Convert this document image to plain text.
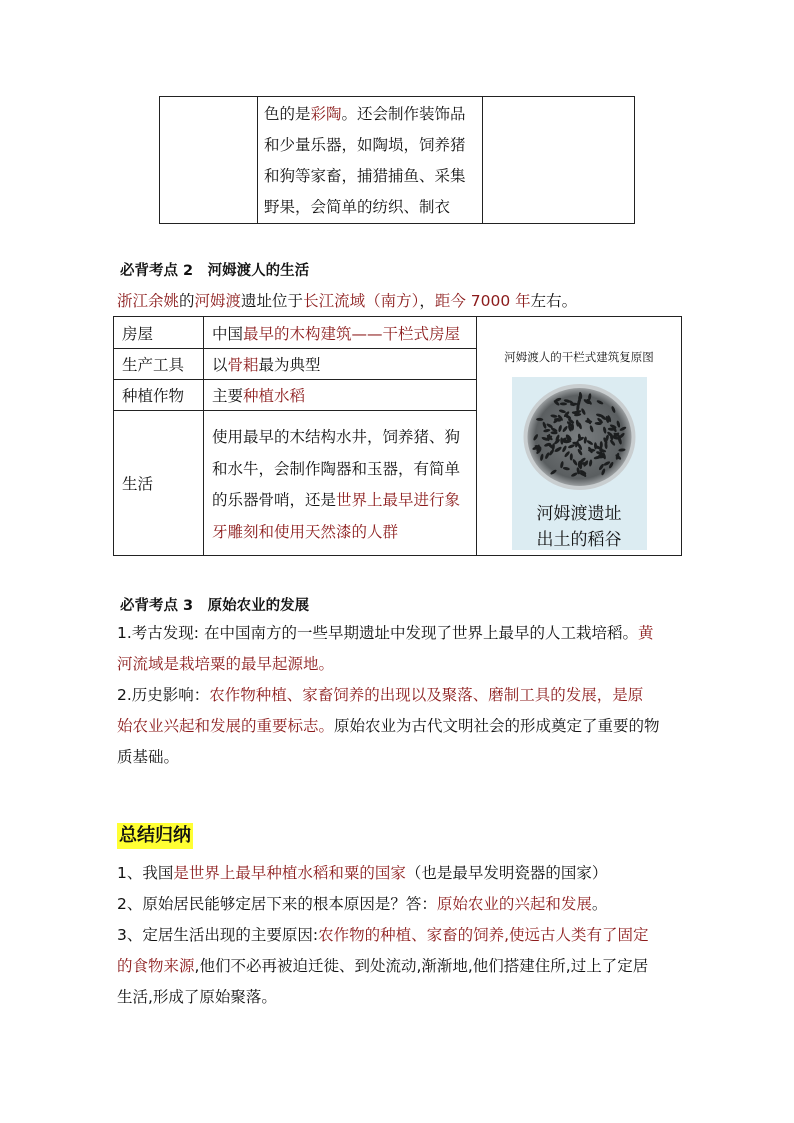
色的是彩陶。还会制作装饰品
和少量乐器，如陶埙，饲养猪
和狗等家畜，捕猎捕鱼、采集
野果，会简单的纺织、制衣

必背考点 2　河姆渡人的生活
浙江余姚的河姆渡遗址位于长江流域（南方），距今 7000 年左右。
房屋	中国最早的木构建筑——干栏式房屋	河姆渡人的干栏式建筑复原图
河姆渡遗址
出土的稻谷

生产工具	以骨耜最为典型	
种植作物	主要种植水稻	
生活	使用最早的木结构水井，饲养猪、狗
和水牛，会制作陶器和玉器，有简单
的乐器骨哨，还是世界上最早进行象
牙雕刻和使用天然漆的人群	
必背考点 3　原始农业的发展
1.考古发现: 在中国南方的一些早期遗址中发现了世界上最早的人工栽培稻。黄
河流域是栽培粟的最早起源地。
2.历史影响：农作物种植、家畜饲养的出现以及聚落、磨制工具的发展，是原
始农业兴起和发展的重要标志。原始农业为古代文明社会的形成奠定了重要的物
质基础。
总结归纳
1、我国是世界上最早种植水稻和粟的国家（也是最早发明瓷器的国家）
2、原始居民能够定居下来的根本原因是？答：原始农业的兴起和发展。
3、定居生活出现的主要原因:农作物的种植、家畜的饲养,使远古人类有了固定
的食物来源,他们不必再被迫迁徙、到处流动,渐渐地,他们搭建住所,过上了定居
生活,形成了原始聚落。
